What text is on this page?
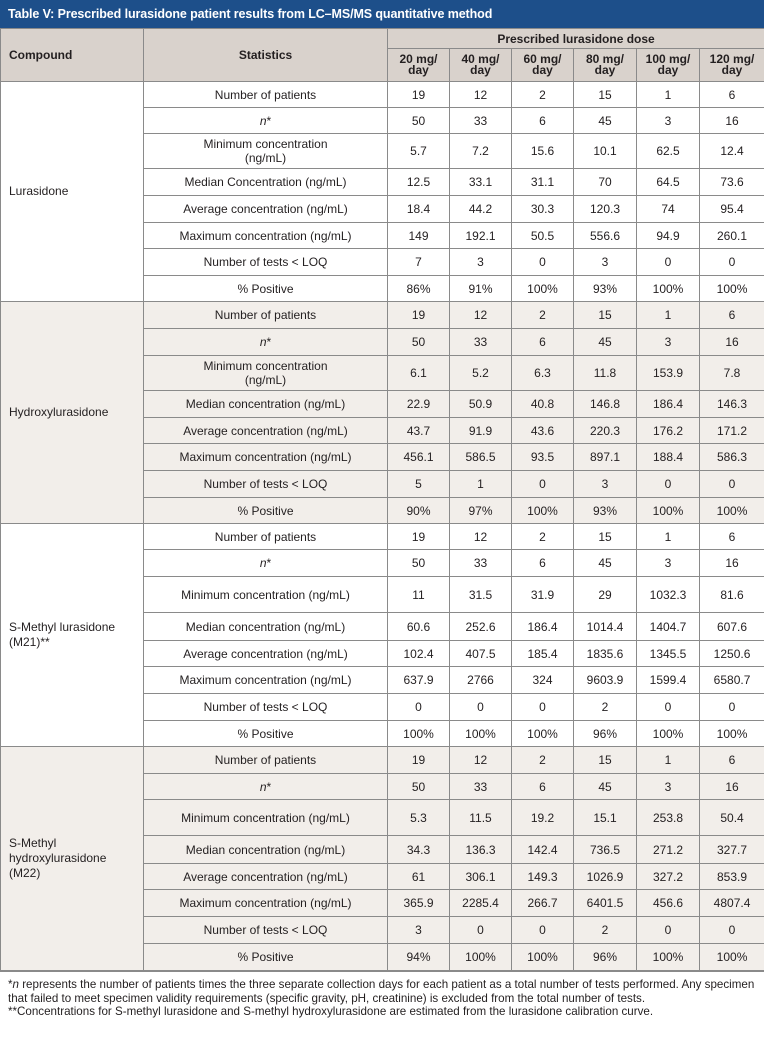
Table V: Prescribed lurasidone patient results from LC–MS/MS quantitative method
Compound	Statistics	Prescribed lurasidone dose					
		20 mg/ day	40 mg/ day	60 mg/ day	80 mg/ day	100 mg/ day	120 mg/ day
Lurasidone	Number of patients	19	12	2	15	1	6
	n*	50	33	6	45	3	16
	Minimum concentration (ng/mL)	5.7	7.2	15.6	10.1	62.5	12.4
	Median Concentration (ng/mL)	12.5	33.1	31.1	70	64.5	73.6
	Average concentration (ng/mL)	18.4	44.2	30.3	120.3	74	95.4
	Maximum concentration (ng/mL)	149	192.1	50.5	556.6	94.9	260.1
	Number of tests < LOQ	7	3	0	3	0	0
	% Positive	86%	91%	100%	93%	100%	100%
Hydroxylurasidone	Number of patients	19	12	2	15	1	6
	n*	50	33	6	45	3	16
	Minimum concentration (ng/mL)	6.1	5.2	6.3	11.8	153.9	7.8
	Median concentration (ng/mL)	22.9	50.9	40.8	146.8	186.4	146.3
	Average concentration (ng/mL)	43.7	91.9	43.6	220.3	176.2	171.2
	Maximum concentration (ng/mL)	456.1	586.5	93.5	897.1	188.4	586.3
	Number of tests < LOQ	5	1	0	3	0	0
	% Positive	90%	97%	100%	93%	100%	100%
S-Methyl lurasidone (M21)**	Number of patients	19	12	2	15	1	6
	n*	50	33	6	45	3	16
	Minimum concentration (ng/mL)	11	31.5	31.9	29	1032.3	81.6
	Median concentration (ng/mL)	60.6	252.6	186.4	1014.4	1404.7	607.6
	Average concentration (ng/mL)	102.4	407.5	185.4	1835.6	1345.5	1250.6
	Maximum concentration (ng/mL)	637.9	2766	324	9603.9	1599.4	6580.7
	Number of tests < LOQ	0	0	0	2	0	0
	% Positive	100%	100%	100%	96%	100%	100%
S-Methyl hydroxylurasidone (M22)	Number of patients	19	12	2	15	1	6
	n*	50	33	6	45	3	16
	Minimum concentration (ng/mL)	5.3	11.5	19.2	15.1	253.8	50.4
	Median concentration (ng/mL)	34.3	136.3	142.4	736.5	271.2	327.7
	Average concentration (ng/mL)	61	306.1	149.3	1026.9	327.2	853.9
	Maximum concentration (ng/mL)	365.9	2285.4	266.7	6401.5	456.6	4807.4
	Number of tests < LOQ	3	0	0	2	0	0
	% Positive	94%	100%	100%	96%	100%	100%

*n represents the number of patients times the three separate collection days for each patient as a total number of tests performed. Any specimen that failed to meet specimen validity requirements (specific gravity, pH, creatinine) is excluded from the total number of tests.

**Concentrations for S-methyl lurasidone and S-methyl hydroxylurasidone are estimated from the lurasidone calibration curve.
